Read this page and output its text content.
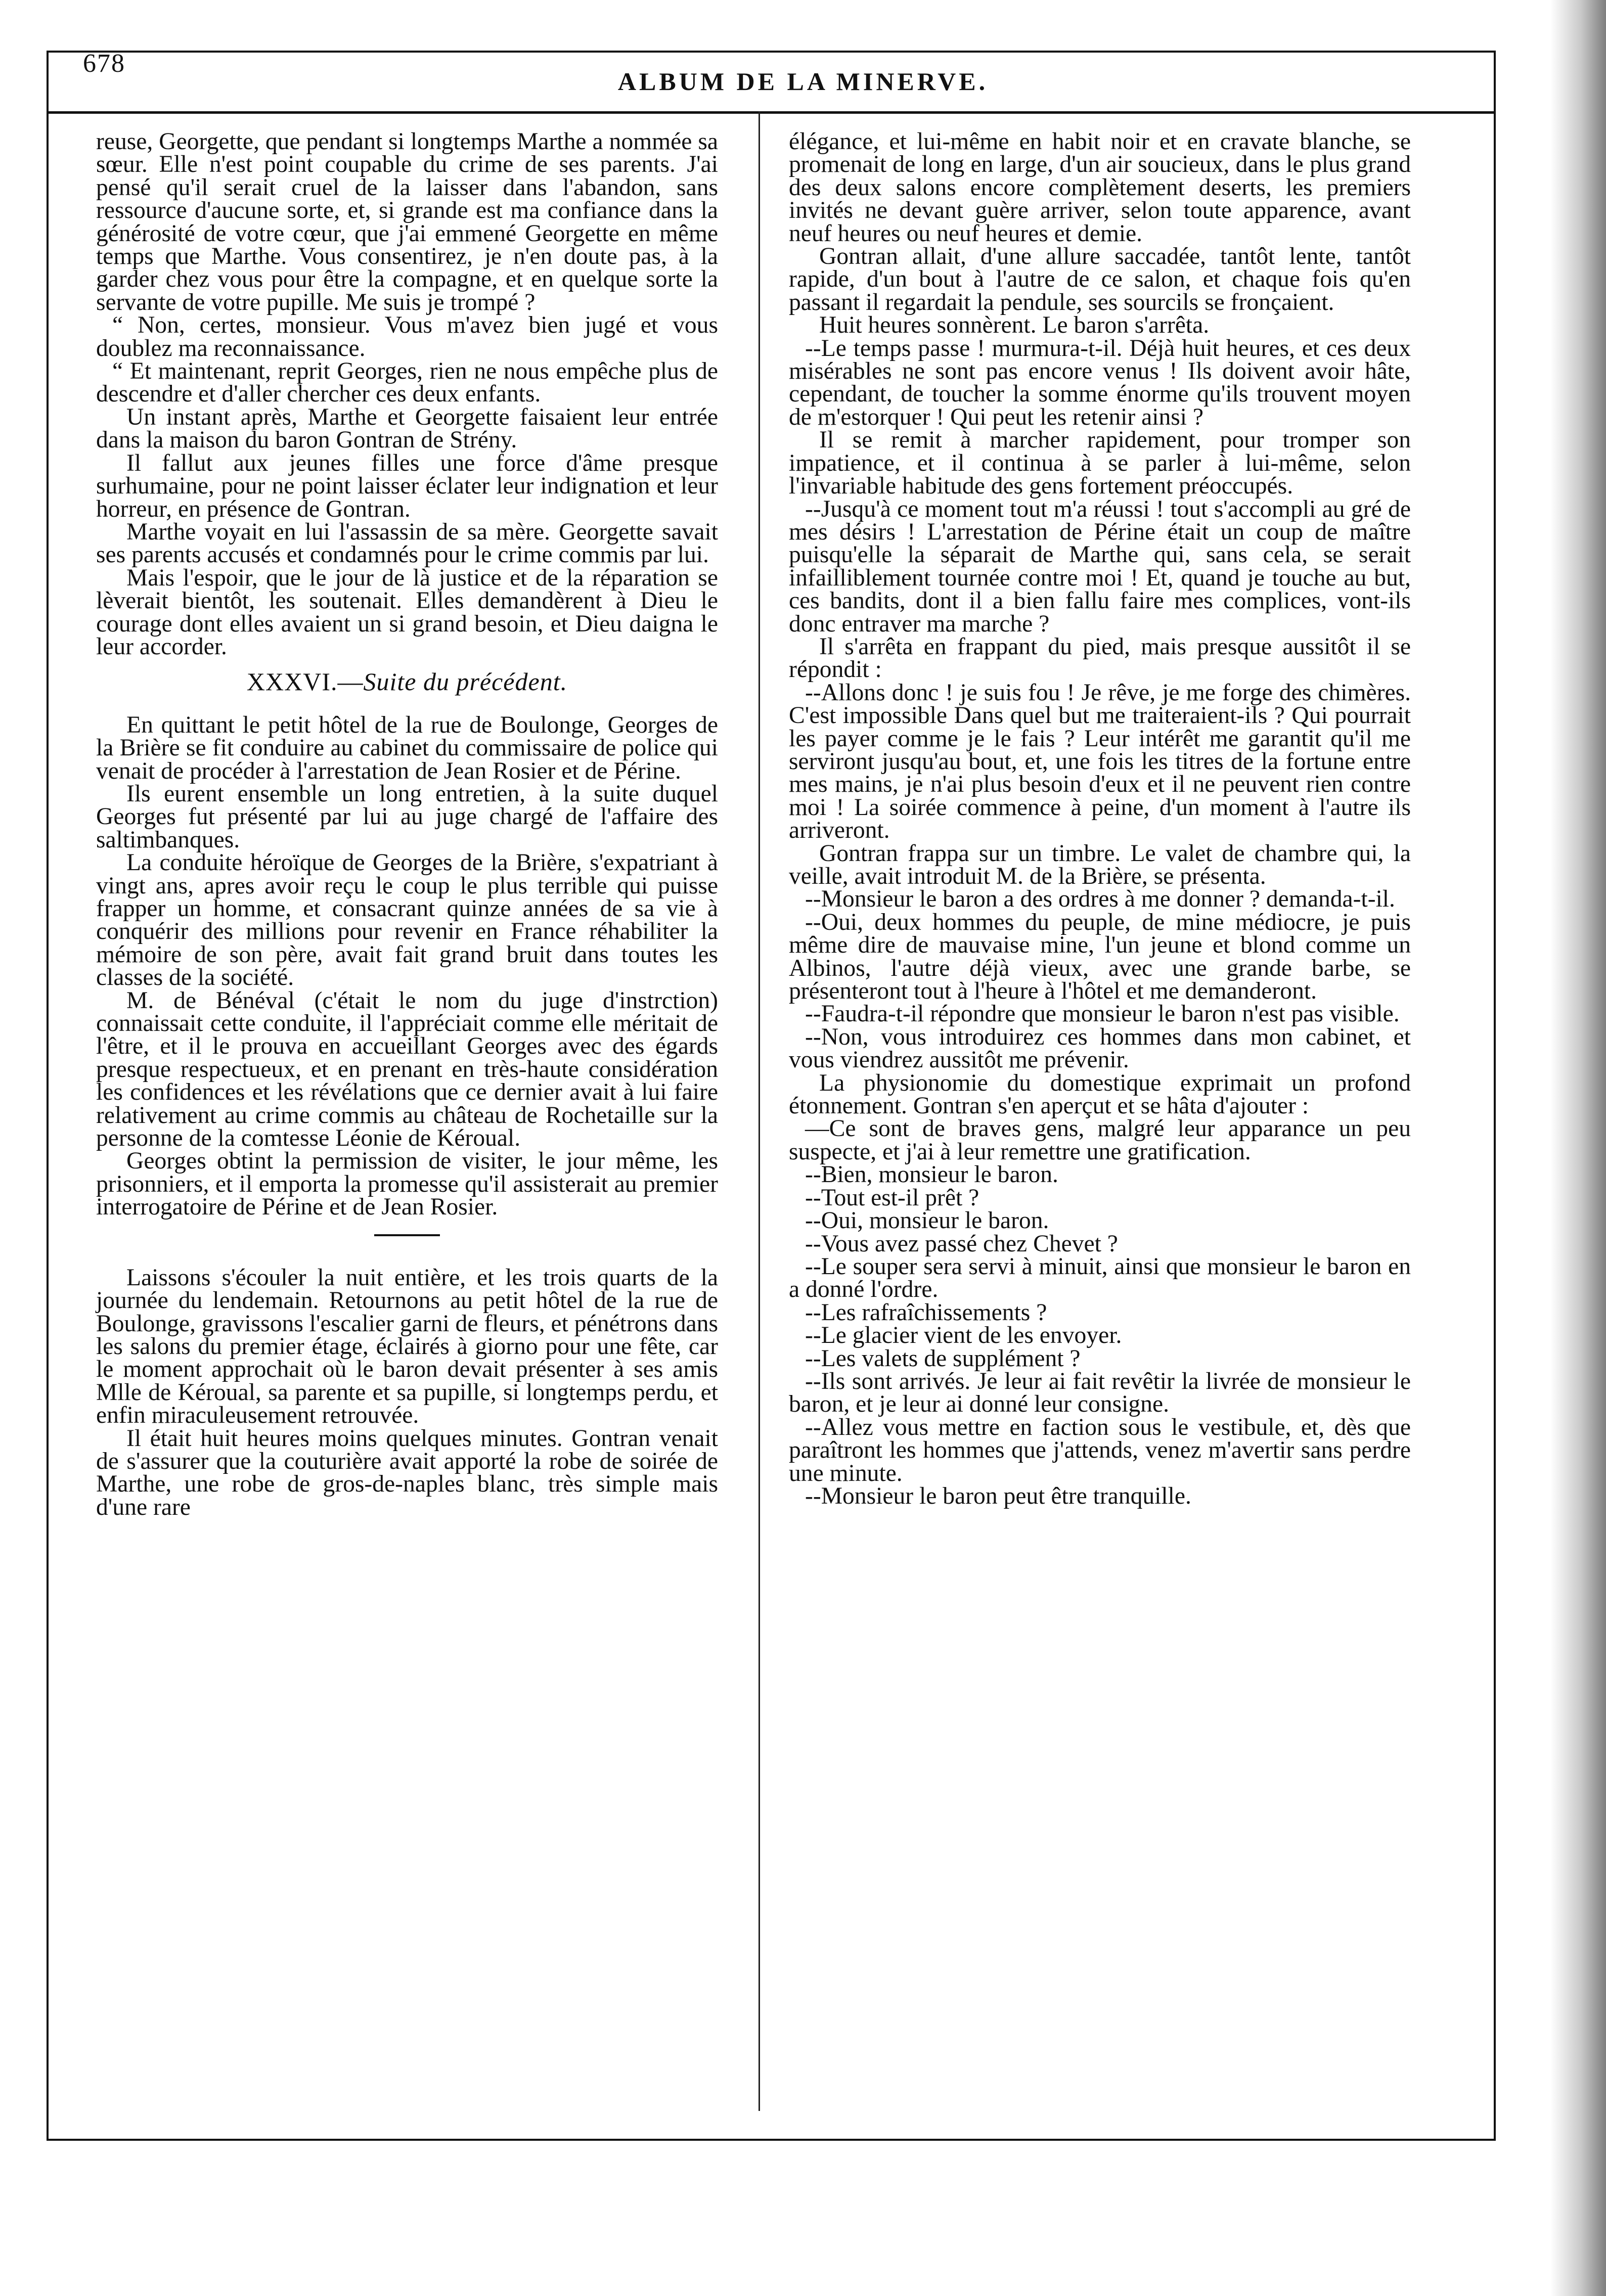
678
ALBUM DE LA MINERVE.

reuse, Georgette, que pendant si longtemps Marthe a nommée sa sœur. Elle n'est point coupable du crime de ses parents. J'ai pensé qu'il serait cruel de la laisser dans l'abandon, sans ressource d'aucune sorte, et, si grande est ma confiance dans la générosité de votre cœur, que j'ai emmené Georgette en même temps que Marthe. Vous consentirez, je n'en doute pas, à la garder chez vous pour être la compagne, et en quelque sorte la servante de votre pupille. Me suis je trompé ?

“ Non, certes, monsieur. Vous m'avez bien jugé et vous doublez ma reconnaissance.

“ Et maintenant, reprit Georges, rien ne nous empêche plus de descendre et d'aller chercher ces deux enfants.

Un instant après, Marthe et Georgette faisaient leur entrée dans la maison du baron Gontran de Strény.

Il fallut aux jeunes filles une force d'âme presque surhumaine, pour ne point laisser éclater leur indignation et leur horreur, en présence de Gontran.

Marthe voyait en lui l'assassin de sa mère. Georgette savait ses parents accusés et condamnés pour le crime commis par lui.

Mais l'espoir, que le jour de là justice et de la réparation se lèverait bientôt, les soutenait. Elles demandèrent à Dieu le courage dont elles avaient un si grand besoin, et Dieu daigna le leur accorder.

XXXVI.—Suite du précédent.

En quittant le petit hôtel de la rue de Boulonge, Georges de la Brière se fit conduire au cabinet du commissaire de police qui venait de procéder à l'arrestation de Jean Rosier et de Périne.

Ils eurent ensemble un long entretien, à la suite duquel Georges fut présenté par lui au juge chargé de l'affaire des saltimbanques.

La conduite héroïque de Georges de la Brière, s'expatriant à vingt ans, apres avoir reçu le coup le plus terrible qui puisse frapper un homme, et consacrant quinze années de sa vie à conquérir des millions pour revenir en France réhabiliter la mémoire de son père, avait fait grand bruit dans toutes les classes de la société.

M. de Bénéval (c'était le nom du juge d'instrction) connaissait cette conduite, il l'appréciait comme elle méritait de l'être, et il le prouva en accueillant Georges avec des égards presque respectueux, et en prenant en très-haute considération les confidences et les révélations que ce dernier avait à lui faire relativement au crime commis au château de Rochetaille sur la personne de la comtesse Léonie de Kéroual.

Georges obtint la permission de visiter, le jour même, les prisonniers, et il emporta la promesse qu'il assisterait au premier interrogatoire de Périne et de Jean Rosier.

Laissons s'écouler la nuit entière, et les trois quarts de la journée du lendemain. Retournons au petit hôtel de la rue de Boulonge, gravissons l'escalier garni de fleurs, et pénétrons dans les salons du premier étage, éclairés à giorno pour une fête, car le moment approchait où le baron devait présenter à ses amis Mlle de Kéroual, sa parente et sa pupille, si longtemps perdu, et enfin miraculeusement retrouvée.

Il était huit heures moins quelques minutes. Gontran venait de s'assurer que la couturière avait apporté la robe de soirée de Marthe, une robe de gros-de-naples blanc, très simple mais d'une rare

élégance, et lui-même en habit noir et en cravate blanche, se promenait de long en large, d'un air soucieux, dans le plus grand des deux salons encore complètement deserts, les premiers invités ne devant guère arriver, selon toute apparence, avant neuf heures ou neuf heures et demie.

Gontran allait, d'une allure saccadée, tantôt lente, tantôt rapide, d'un bout à l'autre de ce salon, et chaque fois qu'en passant il regardait la pendule, ses sourcils se fronçaient.

Huit heures sonnèrent. Le baron s'arrêta.

--Le temps passe ! murmura-t-il. Déjà huit heures, et ces deux misérables ne sont pas encore venus ! Ils doivent avoir hâte, cependant, de toucher la somme énorme qu'ils trouvent moyen de m'estorquer ! Qui peut les retenir ainsi ?

Il se remit à marcher rapidement, pour tromper son impatience, et il continua à se parler à lui-même, selon l'invariable habitude des gens fortement préoccupés.

--Jusqu'à ce moment tout m'a réussi ! tout s'accompli au gré de mes désirs ! L'arrestation de Périne était un coup de maître puisqu'elle la séparait de Marthe qui, sans cela, se serait infailliblement tournée contre moi ! Et, quand je touche au but, ces bandits, dont il a bien fallu faire mes complices, vont-ils donc entraver ma marche ?

Il s'arrêta en frappant du pied, mais presque aussitôt il se répondit :

--Allons donc ! je suis fou ! Je rêve, je me forge des chimères. C'est impossible Dans quel but me traiteraient-ils ? Qui pourrait les payer comme je le fais ? Leur intérêt me garantit qu'il me serviront jusqu'au bout, et, une fois les titres de la fortune entre mes mains, je n'ai plus besoin d'eux et il ne peuvent rien contre moi ! La soirée commence à peine, d'un moment à l'autre ils arriveront.

Gontran frappa sur un timbre. Le valet de chambre qui, la veille, avait introduit M. de la Brière, se présenta.

--Monsieur le baron a des ordres à me donner ? demanda-t-il.

--Oui, deux hommes du peuple, de mine médiocre, je puis même dire de mauvaise mine, l'un jeune et blond comme un Albinos, l'autre déjà vieux, avec une grande barbe, se présenteront tout à l'heure à l'hôtel et me demanderont.

--Faudra-t-il répondre que monsieur le baron n'est pas visible.

--Non, vous introduirez ces hommes dans mon cabinet, et vous viendrez aussitôt me prévenir.

La physionomie du domestique exprimait un profond étonnement. Gontran s'en aperçut et se hâta d'ajouter :

—Ce sont de braves gens, malgré leur apparance un peu suspecte, et j'ai à leur remettre une gratification.

--Bien, monsieur le baron.

--Tout est-il prêt ?

--Oui, monsieur le baron.

--Vous avez passé chez Chevet ?

--Le souper sera servi à minuit, ainsi que monsieur le baron en a donné l'ordre.

--Les rafraîchissements ?

--Le glacier vient de les envoyer.

--Les valets de supplément ?

--Ils sont arrivés. Je leur ai fait revêtir la livrée de monsieur le baron, et je leur ai donné leur consigne.

--Allez vous mettre en faction sous le vestibule, et, dès que paraîtront les hommes que j'attends, venez m'avertir sans perdre une minute.

--Monsieur le baron peut être tranquille.
